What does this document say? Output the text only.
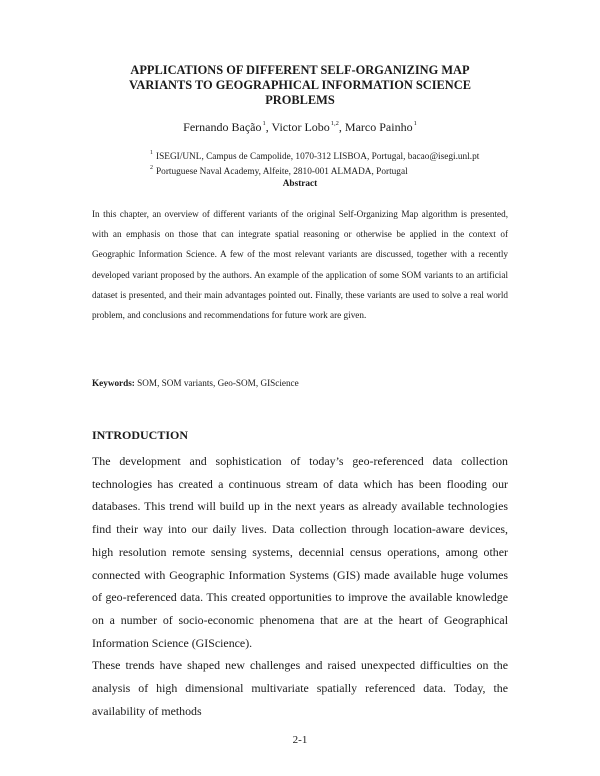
APPLICATIONS OF DIFFERENT SELF-ORGANIZING MAP
VARIANTS TO GEOGRAPHICAL INFORMATION SCIENCE
PROBLEMS
Fernando Bação$^1$, Victor Lobo$^{1,2}$, Marco Painho$^1$
$^1$ ISEGI/UNL, Campus de Campolide, 1070-312 LISBOA, Portugal, bacao@isegi.unl.pt
$^2$ Portuguese Naval Academy, Alfeite, 2810-001 ALMADA, Portugal
Abstract

In this chapter, an overview of different variants of the original Self-Organizing Map algorithm is presented, with an emphasis on those that can integrate spatial reasoning or otherwise be applied in the context of Geographic Information Science. A few of the most relevant variants are discussed, together with a recently developed variant proposed by the authors. An example of the application of some SOM variants to an artificial dataset is presented, and their main advantages pointed out. Finally, these variants are used to solve a real world problem, and conclusions and recommendations for future work are given.

Keywords: SOM, SOM variants, Geo-SOM, GIScience
INTRODUCTION

The development and sophistication of today’s geo-referenced data collection technologies has created a continuous stream of data which has been flooding our databases. This trend will build up in the next years as already available technologies find their way into our daily lives. Data collection through location-aware devices, high resolution remote sensing systems, decennial census operations, among other connected with Geographic Information Systems (GIS) made available huge volumes of geo-referenced data. This created opportunities to improve the available knowledge on a number of socio-economic phenomena that are at the heart of Geographical Information Science (GIScience).

These trends have shaped new challenges and raised unexpected difficulties on the analysis of high dimensional multivariate spatially referenced data. Today, the availability of methods

2-1
